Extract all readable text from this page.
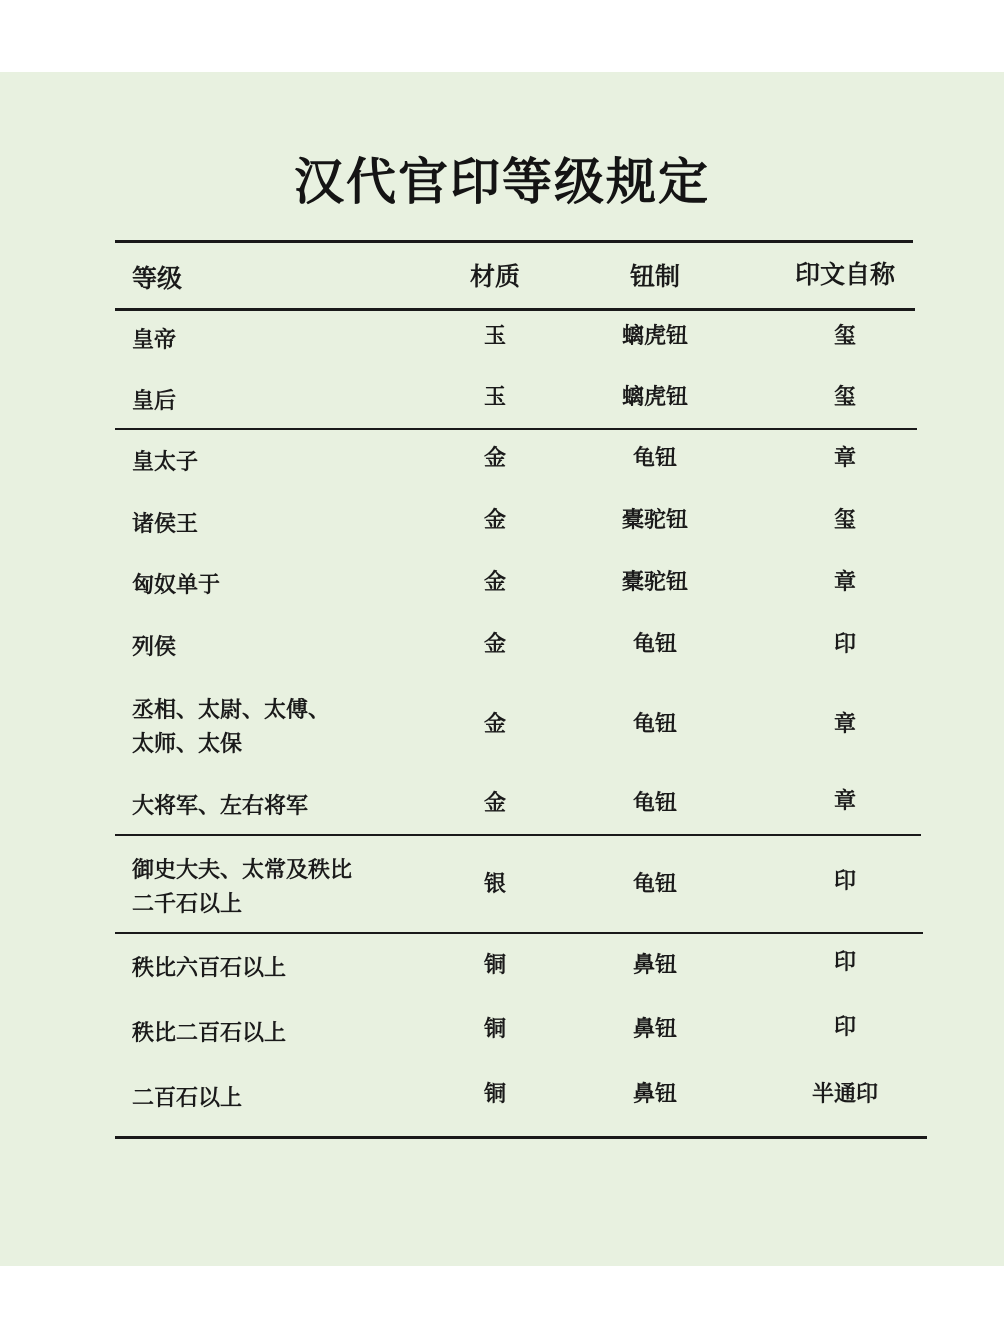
汉代官印等级规定
等级	材质	钮制	印文自称
皇帝	玉	螭虎钮	玺
皇后	玉	螭虎钮	玺
皇太子	金	龟钮	章
诸侯王	金	橐驼钮	玺
匈奴单于	金	橐驼钮	章
列侯	金	龟钮	印
丞相、太尉、太傅、
太师、太保
金	龟钮	章
大将军、左右将军	金	龟钮	章
御史大夫、太常及秩比
二千石以上
银	龟钮	印
秩比六百石以上	铜	鼻钮	印
秩比二百石以上	铜	鼻钮	印
二百石以上	铜	鼻钮	半通印
